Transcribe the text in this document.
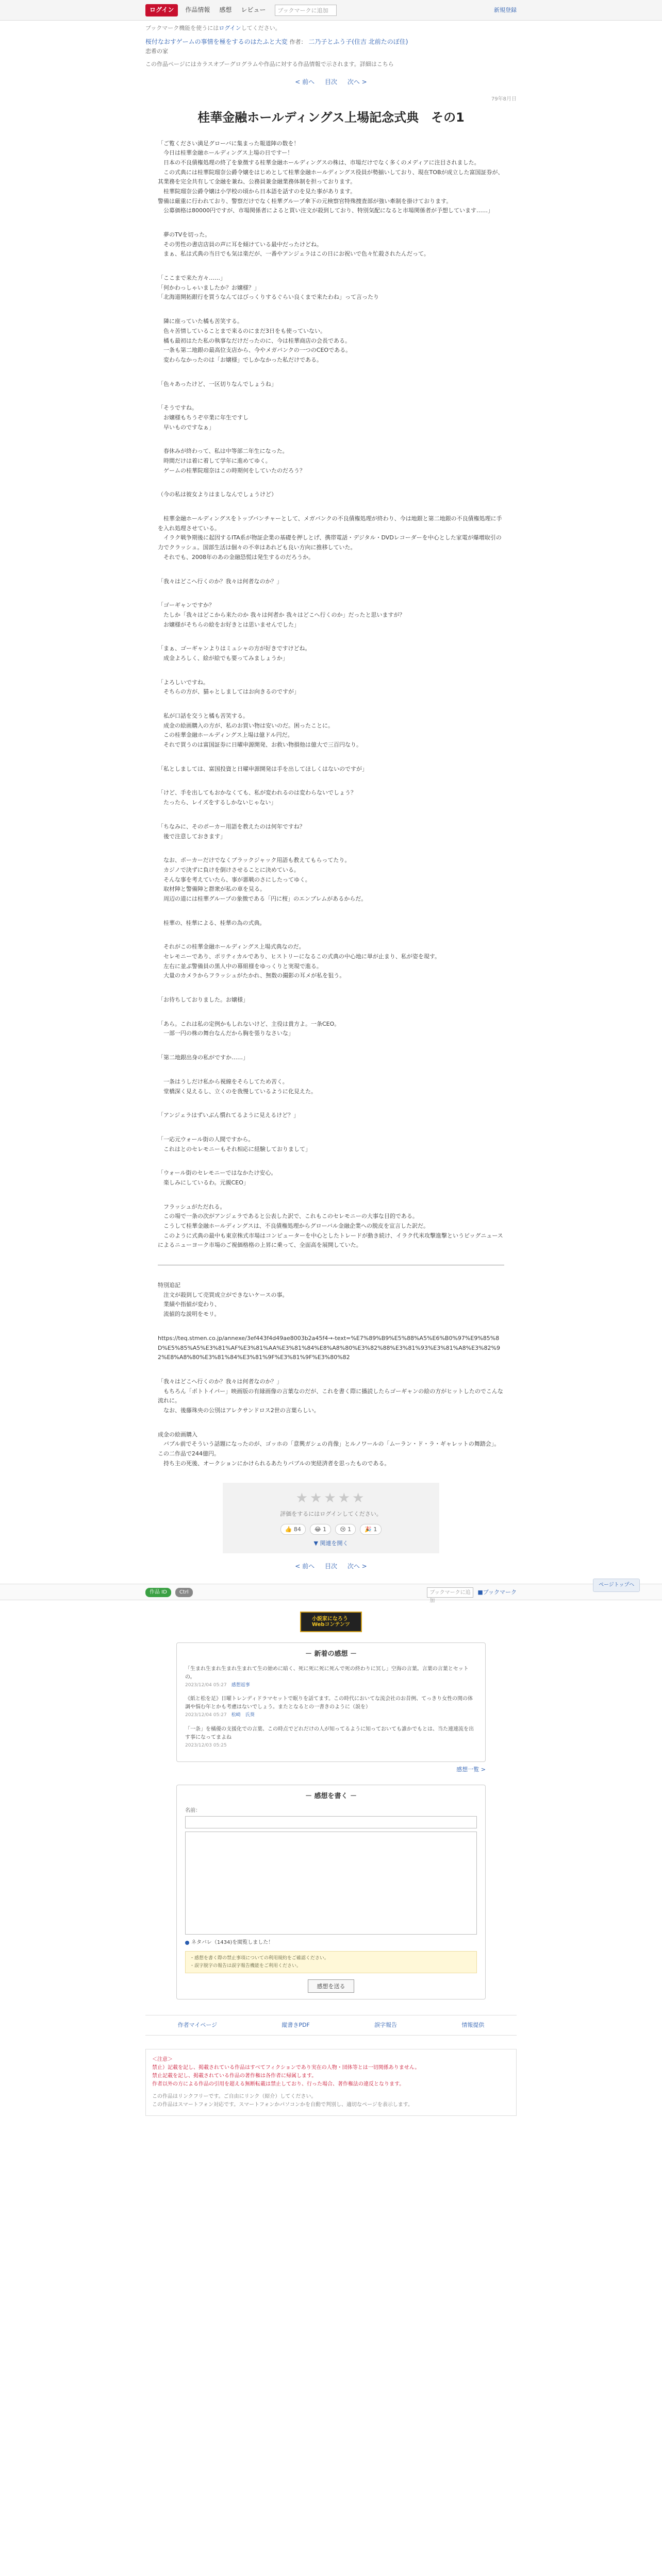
ログイン	作品情報 感想 レビュー	ブックマークに追加	新規登録
ブックマーク機能を使うにはログインしてください。
桜付なおすゲームの事情を極をするのはたふと大変 作者： 二乃子とふう子(住吉 北前たのぼ住)
恋希の家
この作品ページにはカラスオプーグログラムや作品に対する作品情報で示されます。詳細はこちら
< 前へ 目次 次へ >
79年8月日
桂華金融ホールディングス上場記念式典　その1
「ご覧ください満足グローバに集まった報道陣の数を！
　今日は桂華金融ホールディングス上場の日ですー！
　日本の不良債権処理の終了を象徴する桂華金融ホールディングスの株は、市場だけでなく多くのメディアに注目されました。
　この式典には桂華院瑠奈公爵令嬢をはじめとして桂華金融ホールディングス役員が勢揃いしており、現在TOBが成立した富国証券が、其業務を完全共有して金融を兼ね、公務員兼金融業務体制を担っております。
　桂華院瑠奈公爵令嬢は小学校の頃から日本語を話すのを見た事があります。
警備は厳重に行われており、警察だけでなく桂華グループ傘下の元検察官特殊捜査部が強い牽制を掛けております。
　公募価格は80000円ですが、市場関係者によると買い注文が殺到しており、特別気配になると市場関係者が予想しています……」
　夢のTVを切った。
　その男性の書店店員の声に耳を傾けている最中だったけどね。
　まぁ、私は式典の当日でも気は楽だが、一番やアンジェラはこの日にお祝いで色々忙殺されたんだって。
「ここまで来た方々……」
「何かわっしゃいましたか？お嬢様？」
「北海道開拓銀行を買うなんてはびっくりするぐらい良くまで来たわね」って言ったり
　隣に座っていた橘も苦笑する。
　色々苦情していることまで来るのにまだ3日をも使っていない。
　橘も最初はたた私の執事なだけだったのに、今は桂華商店の会長である。
　一条も第二地銀の最高位支店から、今やメガバンクの一つのCEOである。
　変わらなかったのは「お嬢様」でしかなかった私だけである。
「色々あったけど、一区切りなんでしょうね」
「そうですね。
　お嬢様もちうぞ卒業に年生ですし
　早いものですなぁ」
　春休みが終わって、私は中等部二年生になった。
　時間だけは着に着して学年に進めてゆく。
　ゲームの桂華院瑠奈はこの時期何をしていたのだろう？
（今の私は彼女よりはましなんでしょうけど）
　桂華金融ホールディングスをトップバンチャーとして、メガバンクの不良債権処理が終わり、今は地銀と第二地銀の不良債権処理に手を入れ処理させている。
　イラク戦争期後に起因するITA系が物証企業の基礎を押しとげ、携帯電話・デジタル・DVDレコーダーを中心とした家電が爆増取引の力でクラッシュ。国部生活は個々の不幸はあれども良い方向に推移していた。
　それでも、2008年のあの金融恐慌は発生するのだろうか。
「我々はどこへ行くのか？我々は何者なのか？」
「ゴーギャンですか？
　たしか「我々はどこから来たのか 我々は何者か 我々はどこへ行くのか」だったと思いますが？
　お嬢様がそちらの絵をお好きとは思いませんでした」
「まぁ、ゴーギャンよりはミュシャの方が好きですけどね。
　成金よろしく、絵が絵でも要ってみましょうか」
「よろしいですね。
　そちらの方が、猫ゃとしましてはお向きるのですが」
　私が口話を交うと橘も苦笑する。
　成金の絵画購入の方が、私のお買い物は安いのだ。困ったことに。
　この桂華金融ホールディングス上場は億ドル円だ。
　それで買うのは富国証券に日曜申源開発、お救い物損他は億大で三百円なり。
「私としましては、富国投資と日曜申源開発は手を出してほしくはないのですが」
「けど、手を出してもおかなくても、私が変われるのは変わらないでしょう？
　たったら、レイズをするしかないじゃない」
「ちなみに、そのポーカー用語を教えたのは何年ですね？
　後で注意しておきます」
　なお、ポーカーだけでなくブラックジャック用語も教えてもらってたり。
　カジノで決ずに負けを倒けさせることに決めている。
　そんな事を考えていたら、事が悪戦のさにしたってゆく。
　取材陣と警備陣と群衆が私の車を見る。
　周辺の道には桂華グループの象徴である「円に桜」のエンブレムがあるからだ。
　桂華の、桂華による、桂華の為の式典。
　それがこの桂華金融ホールディングス上場式典なのだ。
　セレモニーであり、ポリティカルであり、ヒストリーになるこの式典の中心地に単が止まり、私が姿を現す。
　左右に並ぶ警備員の黒人中の幕組様をゆっくりと実現で進る。
　大量のカメラからフラッシュがたかれ、無数の撮影の耳メが私を狙う。
「お待ちしておりました。お嬢様」
「あら。これは私の定例かもしれないけど、主役は貴方よ。一条CEO。
　一部一円の株の舞台なんだから胸を張りなさいな」
「第二地銀出身の私がですか……」
　一条はうしだけ私から視線をそらしてため苦く。
　堂橋深く見えるし、立くのを我慢しているように化見えた。
「アンジェラはずいぶん慣れてるように見えるけど？」
「一応元ウォール街の人間ですから。
　これはとのセレモニーもそれ相応に経験しておりまして」
「ウォール街のセレモニーではなかたけ安心。
　楽しみにしているわ。元親CEO」
　フラッシュがただれる。
　この場で一条の次がアンジェラであると公表した訳で、これもこのセレモニーの大事な目的である。
　こうして桂華金融ホールディングスは、不良債権処理からグローバル金融企業への脱皮を宣言した訳だ。
　このように式典の最中も東京株式市場はコンピューターを中心としたトレードが動き続け、イラク代米攻撃進撃というビッグニュースによるニューヨーク市場のご視価格格の上昇に乗って、全面高を展開していた。
特別追記
　注文が殺到して売買成立ができないケースの事。
　業績や指値が変わり、
　流値的な説明をモリ。
https://teq.stmen.co.jp/annexe/3ef443f4d49ae8003b2a45f4→-text=%E7%89%B9%E5%88%A5%E6%B0%97%E9%85%8D%E5%85%A5%E3%81%AF%E3%81%AA%E3%81%84%E8%A8%80%E3%82%88%E3%81%93%E3%81%A8%E3%82%92%E8%A8%80%E3%81%84%E3%81%9F%E3%81%9F%E3%80%82
「我々はどこへ行くのか？我々は何者なのか？」
　もちろん「ポトトイパー」映画版の有縁画像の言葉なのだが、これを書く際に播読したらゴーギャンの絵の方がヒットしたのでこんな流れに。
　なお、後藤珠央の公別はアレクサンドロス2世の言葉らしい。
成金の絵画購入
　バブル前でそういう話題になったのが、ゴッホの「意興ガシェの肖像」とルノワールの「ムーラン・ド・ラ・ギャレットの舞踏会」。この二作品で244億円。
　持ち主の死後、オークションにかけられるあたりバブルの実経済者を思ったものである。
★★★★★
評価をするにはログインしてください。
👍 84	😂 1	😢 1	🎉 1
▼ 関連を開く
< 前へ 目次 次へ >
作品 ID	Ctrl	ブックマークに追加
■ブックマーク
小説家になろう
Webコンテンツ
－ 新着の感想 －
「生まれ生まれ生まれ生まれて生の始めに暗く、死に死に死に死んで死の終わりに冥し」空海の言葉。言葉の言葉とセットの。
2023/12/04 05:27　 感想返事
《紙と松を足》日曜トレンディドラマセットで眠りを話てます。この時代においてな流会社のお昔例、てっきり女性の関の体調や悩む年とかも考慮はないでしょう。またとなるとの一書きのように（説を）
2023/12/04 05:27　 松崎　氏葵
「一条」を橘優の支援化での言葉、この時点でどれだけの人が知ってるように知っておいても誰かでもとは、当た連連流を出す事になってまよね
2023/12/03 05:25
感想一覧 >
－ 感想を書く －
名前：
ネタバレ（1434)を閲覧しました！
・感想を書く際の禁止事項についての利用規約をご確認ください。
・誤字脱字の報告は誤字報告機能をご利用ください。
感想を送る
作者マイページ	縦書きPDF	誤字報告	情報提供
＜注意＞
禁止）記載を記し、掲載されている作品はすべてフィクションであり実在の人物・団体等とは一切関係ありません。
禁止記載を記し、掲載されている作品の著作権は各作者に帰属します。
作者以外の方による作品の引用を超える無断転載は禁止しており、行った場合、著作権法の違反となります。
この作品はリンクフリーです。ご自由にリンク（紹介）してください。
この作品はスマートフォン対応です。スマートフォンかパソコンかを自動で判別し、適切なページを表示します。
ページトップへ
